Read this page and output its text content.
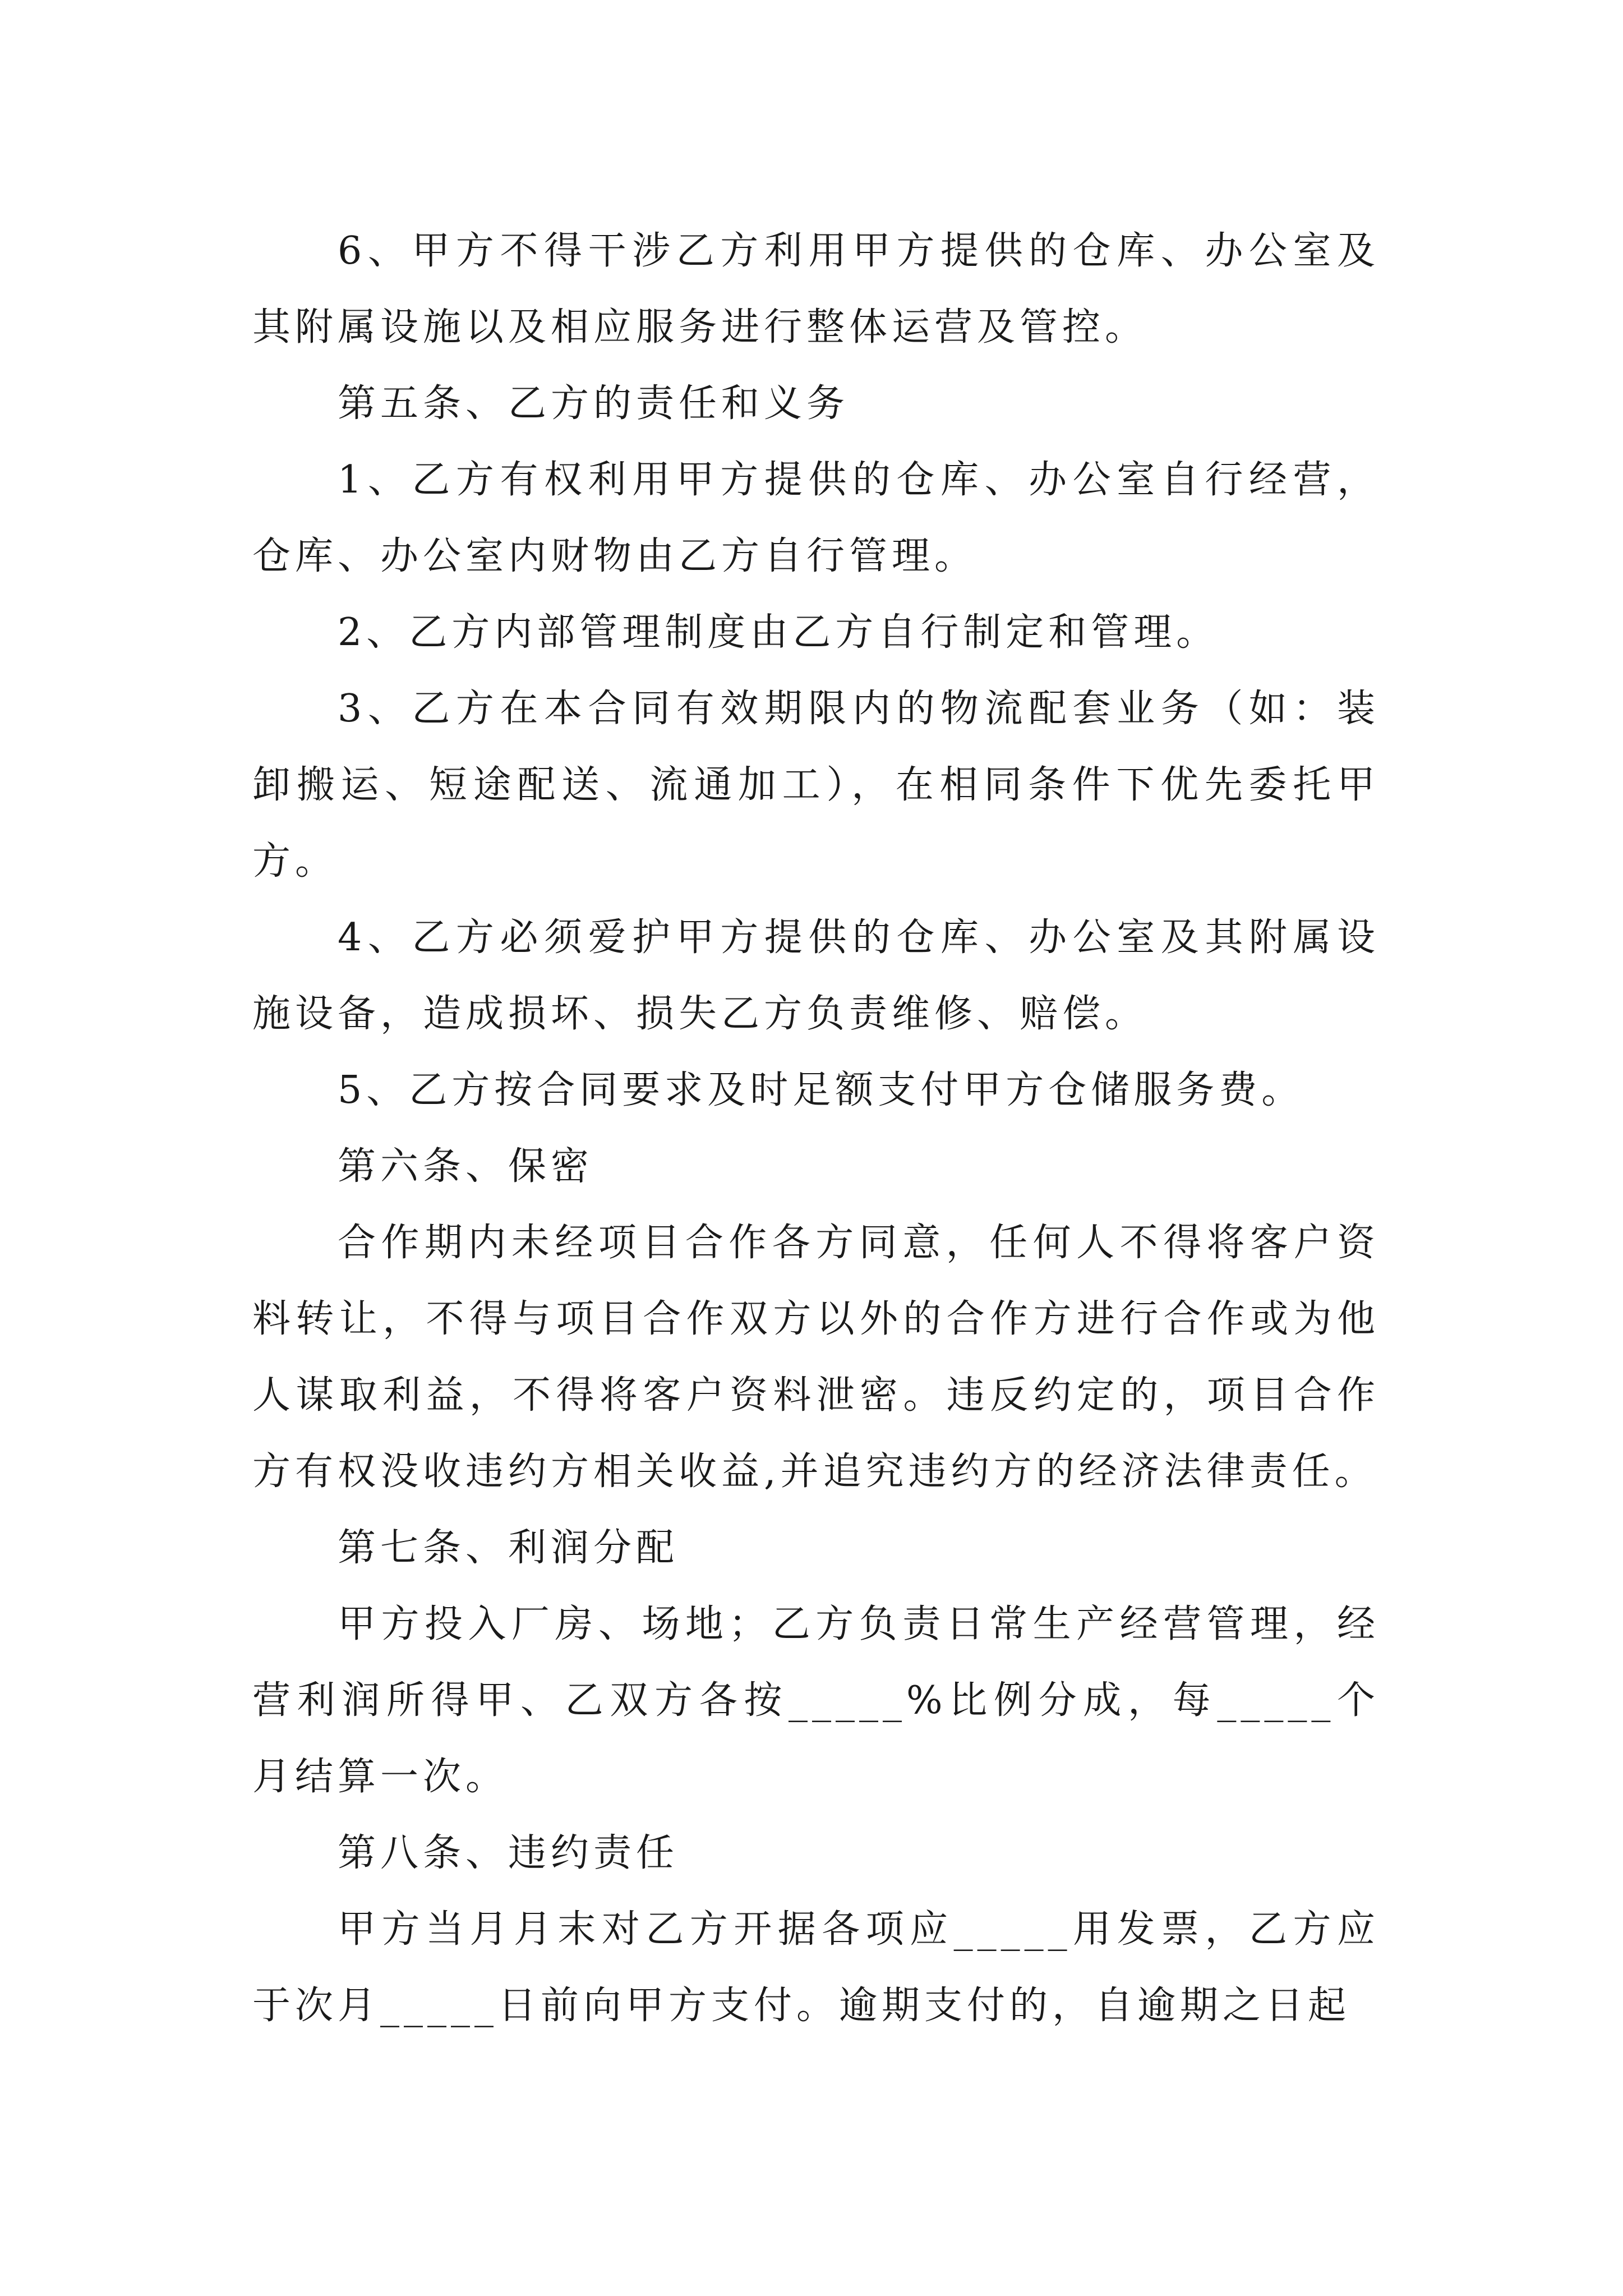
6、甲方不得干涉乙方利用甲方提供的仓库、办公室及其附属设施以及相应服务进行整体运营及管控。

第五条、乙方的责任和义务

1、乙方有权利用甲方提供的仓库、办公室自行经营，仓库、办公室内财物由乙方自行管理。

2、乙方内部管理制度由乙方自行制定和管理。

3、乙方在本合同有效期限内的物流配套业务（如：装卸搬运、短途配送、流通加工），在相同条件下优先委托甲方。

4、乙方必须爱护甲方提供的仓库、办公室及其附属设施设备，造成损坏、损失乙方负责维修、赔偿。

5、乙方按合同要求及时足额支付甲方仓储服务费。

第六条、保密

合作期内未经项目合作各方同意，任何人不得将客户资料转让，不得与项目合作双方以外的合作方进行合作或为他人谋取利益，不得将客户资料泄密。违反约定的，项目合作方有权没收违约方相关收益,并追究违约方的经济法律责任。

第七条、利润分配

甲方投入厂房、场地；乙方负责日常生产经营管理，经营利润所得甲、乙双方各按_____%比例分成，每_____个月结算一次。

第八条、违约责任

甲方当月月末对乙方开据各项应_____用发票，乙方应于次月_____日前向甲方支付。逾期支付的，自逾期之日起
